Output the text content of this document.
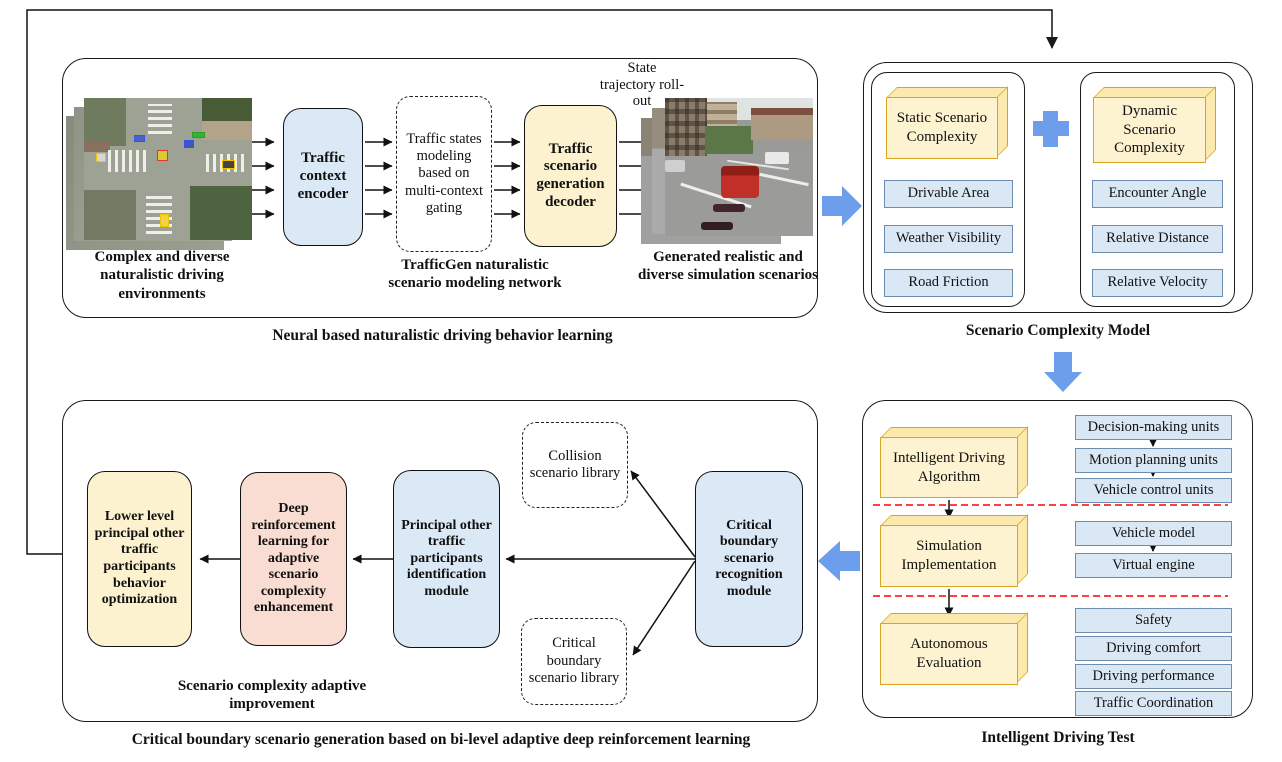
Complex and diverse naturalistic driving environments
Traffic context encoder
Traffic states modeling based on multi-context gating
TrafficGen naturalistic scenario modeling network
Traffic scenario generation decoder
State trajectory roll-out
Generated realistic and diverse simulation scenarios
Neural based naturalistic driving behavior learning
Static Scenario Complexity
Drivable Area
Weather Visibility
Road Friction
Dynamic Scenario Complexity
Encounter Angle
Relative Distance
Relative Velocity
Scenario Complexity Model
Intelligent Driving Algorithm
Decision-making units
Motion planning units
Vehicle control units
Simulation Implementation
Vehicle model
Virtual engine
Autonomous Evaluation
Safety
Driving comfort
Driving performance
Traffic Coordination
Intelligent Driving Test
Lower level principal other traffic participants behavior optimization
Deep reinforcement learning for adaptive scenario complexity enhancement
Principal other traffic participants identification module
Collision scenario library
Critical boundary scenario library
Critical boundary scenario recognition module
Scenario complexity adaptive improvement
Critical boundary scenario generation based on bi-level adaptive deep reinforcement learning
